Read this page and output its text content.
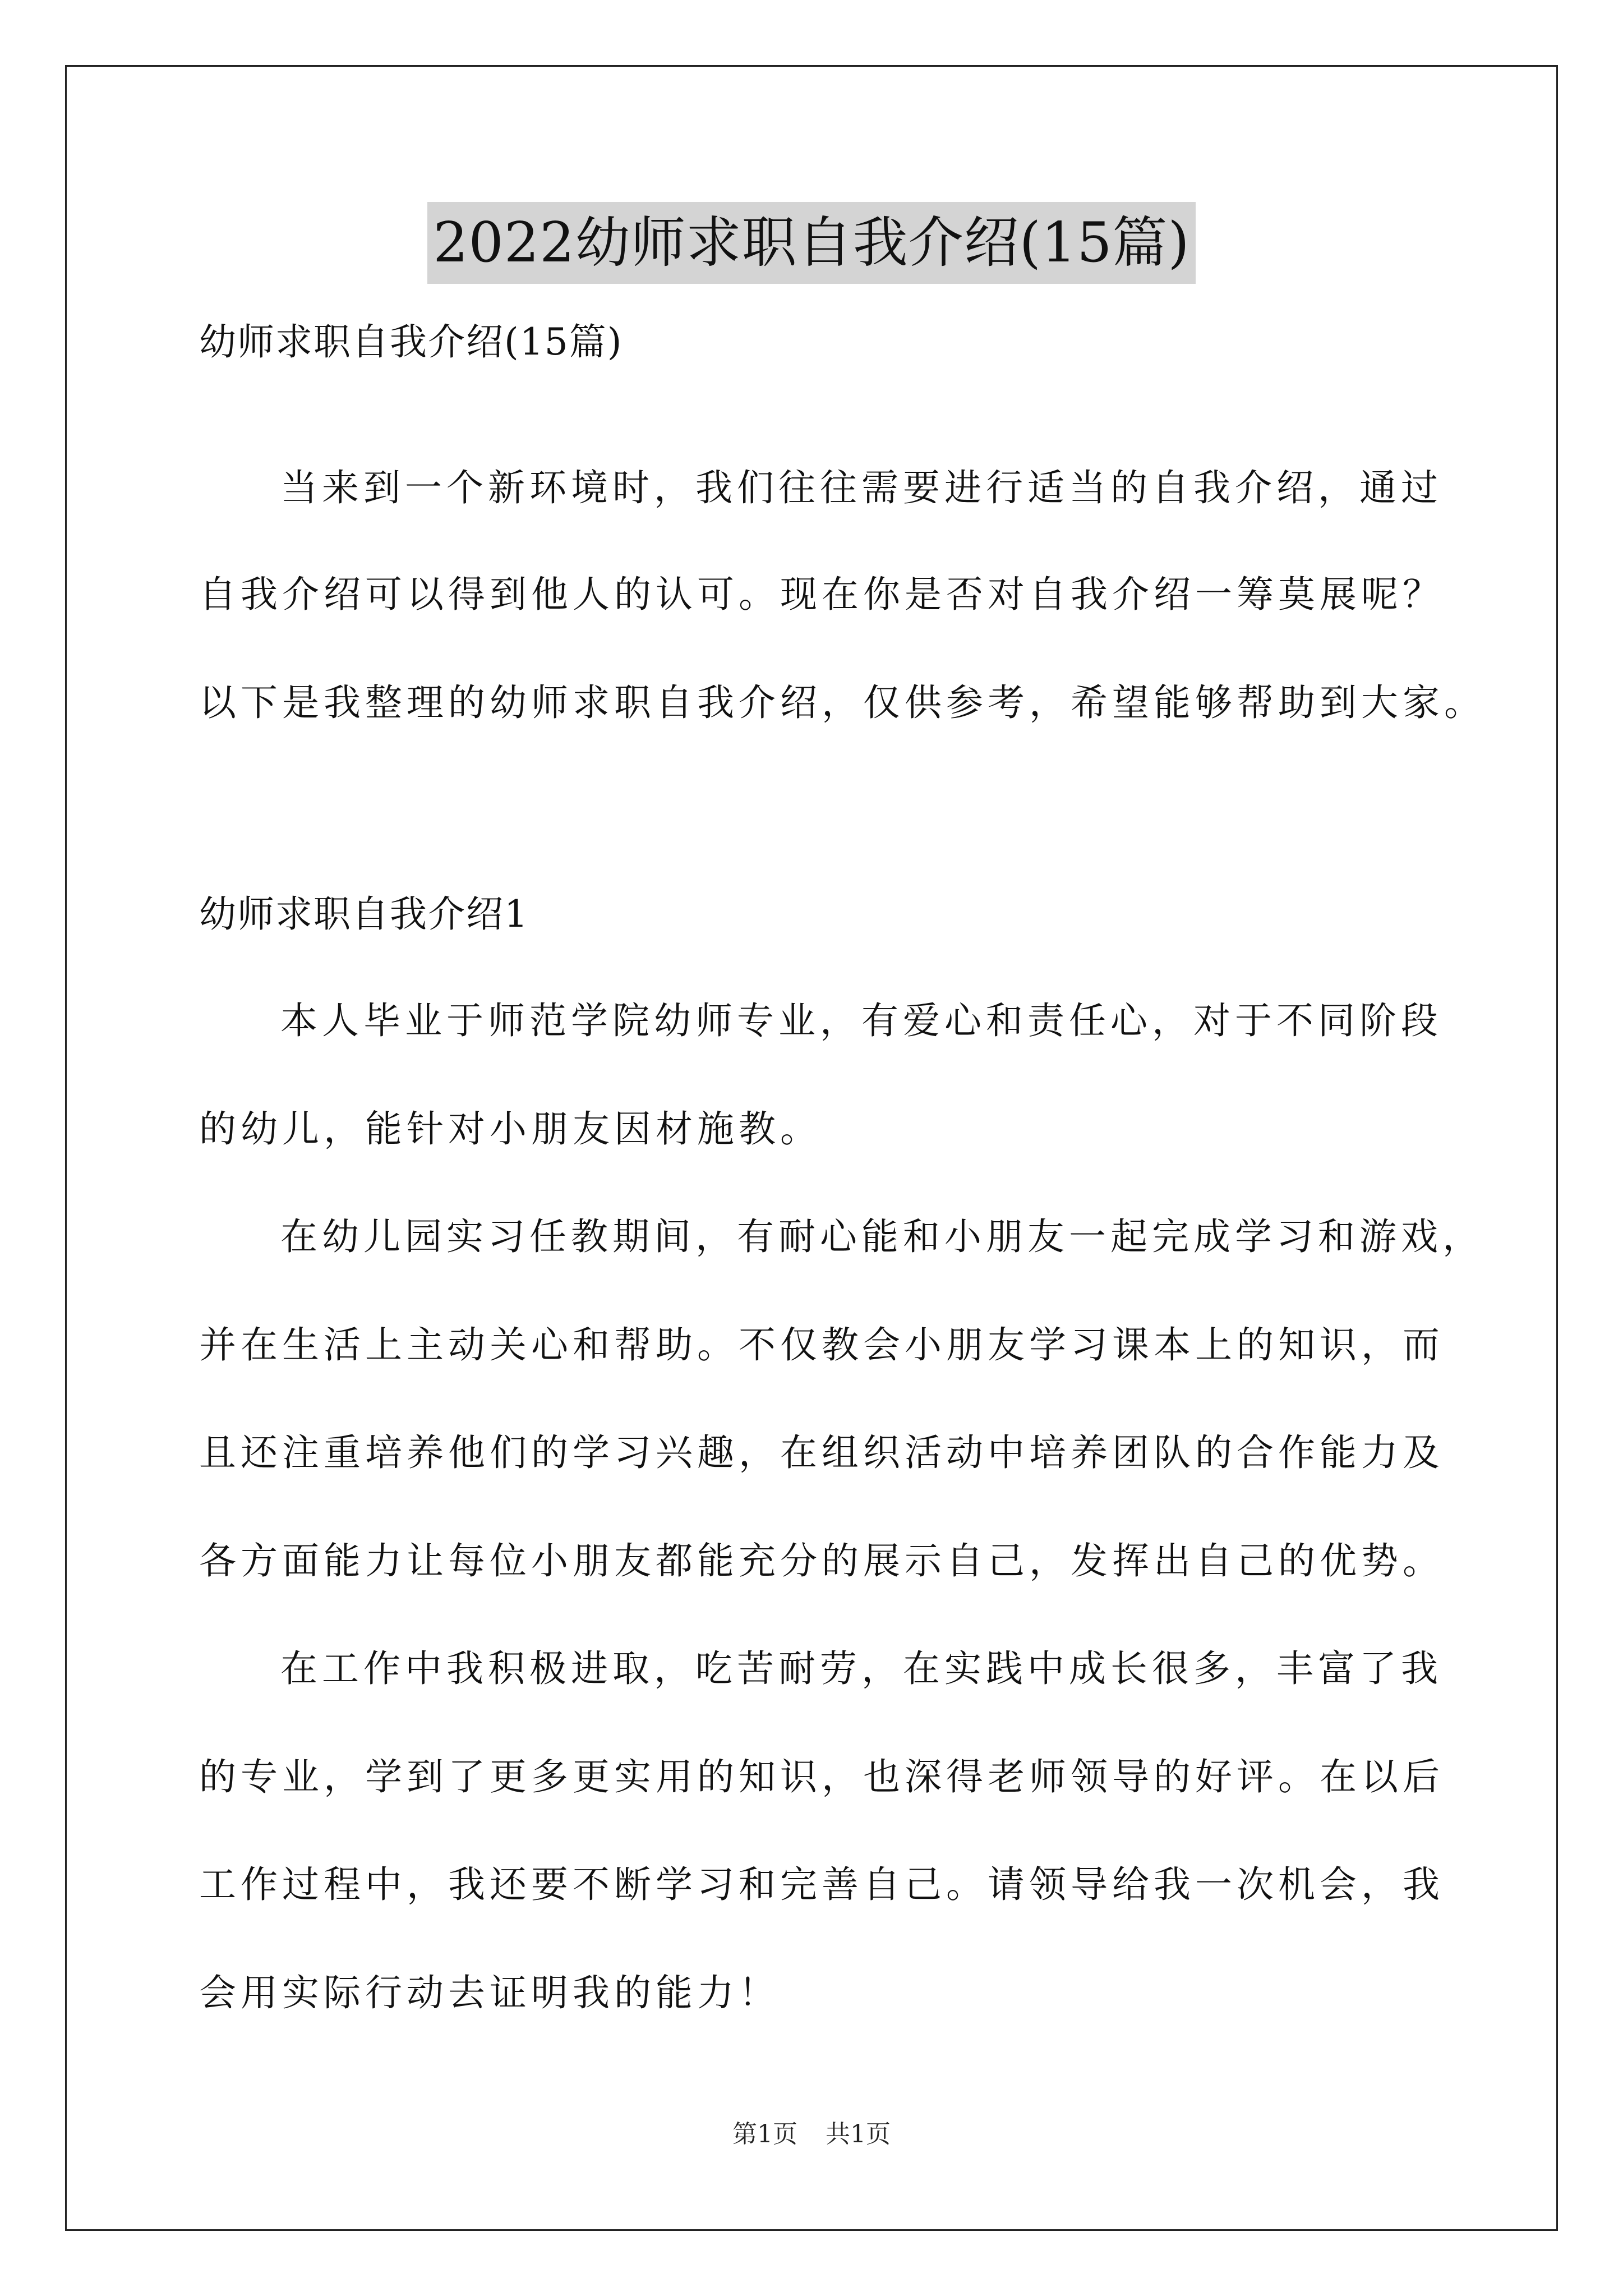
2022幼师求职自我介绍(15篇)
幼师求职自我介绍(15篇)
当来到一个新环境时，我们往往需要进行适当的自我介绍，通过
自我介绍可以得到他人的认可。现在你是否对自我介绍一筹莫展呢？
以下是我整理的幼师求职自我介绍，仅供参考，希望能够帮助到大家。
幼师求职自我介绍1
本人毕业于师范学院幼师专业，有爱心和责任心，对于不同阶段
的幼儿，能针对小朋友因材施教。
在幼儿园实习任教期间，有耐心能和小朋友一起完成学习和游戏，
并在生活上主动关心和帮助。不仅教会小朋友学习课本上的知识，而
且还注重培养他们的学习兴趣，在组织活动中培养团队的合作能力及
各方面能力让每位小朋友都能充分的展示自己，发挥出自己的优势。
在工作中我积极进取，吃苦耐劳，在实践中成长很多，丰富了我
的专业，学到了更多更实用的知识，也深得老师领导的好评。在以后
工作过程中，我还要不断学习和完善自己。请领导给我一次机会，我
会用实际行动去证明我的能力！
第1页 共1页
